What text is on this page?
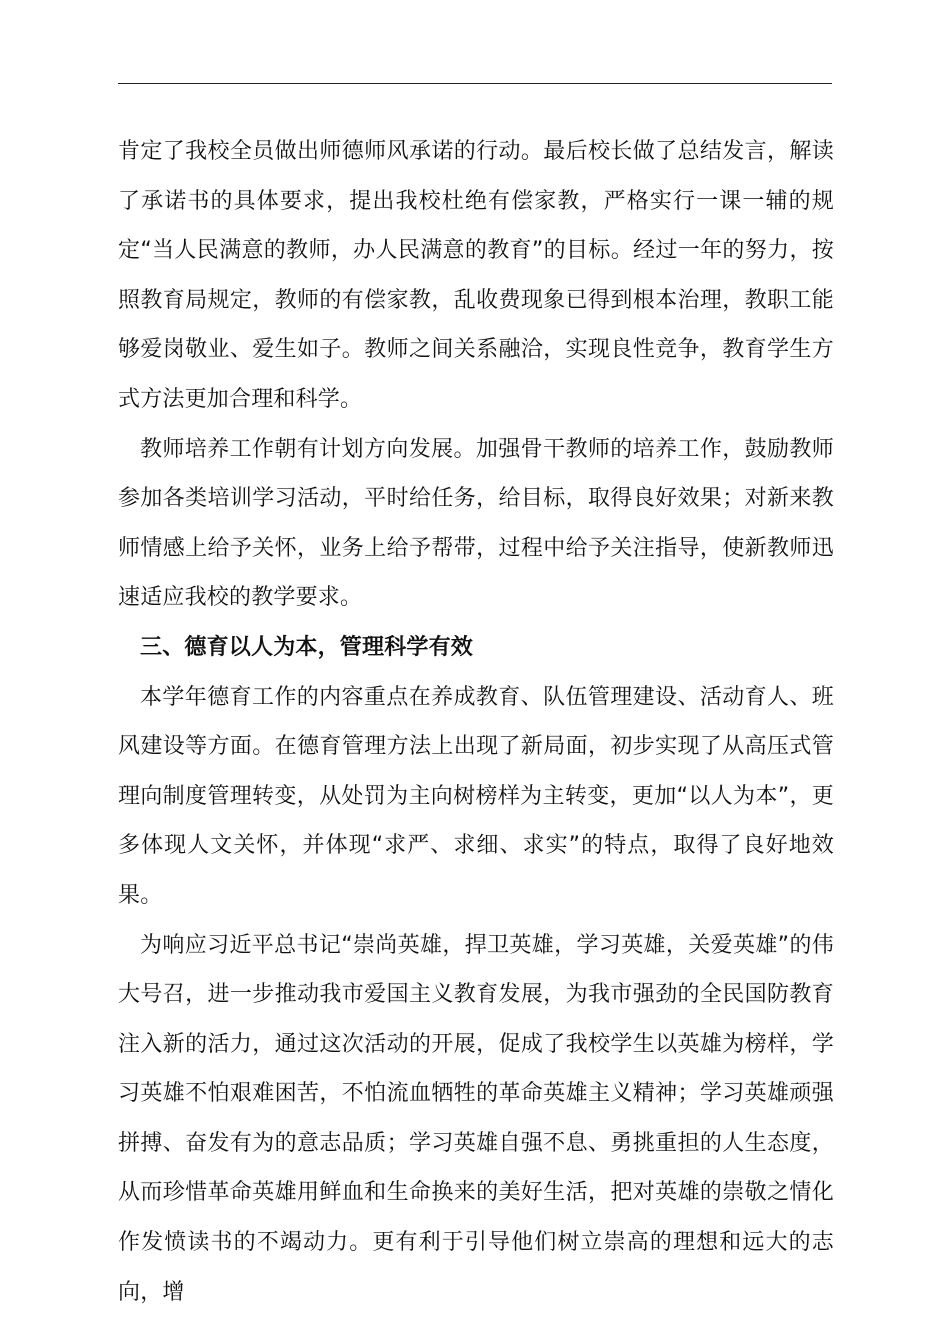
肯定了我校全员做出师德师风承诺的行动。最后校长做了总结发言，解读了承诺书的具体要求，提出我校杜绝有偿家教，严格实行一课一辅的规定“当人民满意的教师，办人民满意的教育”的目标。经过一年的努力，按照教育局规定，教师的有偿家教，乱收费现象已得到根本治理，教职工能够爱岗敬业、爱生如子。教师之间关系融洽，实现良性竞争，教育学生方式方法更加合理和科学。

教师培养工作朝有计划方向发展。加强骨干教师的培养工作，鼓励教师参加各类培训学习活动，平时给任务，给目标，取得良好效果；对新来教师情感上给予关怀，业务上给予帮带，过程中给予关注指导，使新教师迅速适应我校的教学要求。

三、德育以人为本，管理科学有效

本学年德育工作的内容重点在养成教育、队伍管理建设、活动育人、班风建设等方面。在德育管理方法上出现了新局面，初步实现了从高压式管理向制度管理转变，从处罚为主向树榜样为主转变，更加“以人为本”，更多体现人文关怀，并体现“求严、求细、求实”的特点，取得了良好地效果。

为响应习近平总书记“崇尚英雄，捍卫英雄，学习英雄，关爱英雄”的伟大号召，进一步推动我市爱国主义教育发展，为我市强劲的全民国防教育注入新的活力，通过这次活动的开展，促成了我校学生以英雄为榜样，学习英雄不怕艰难困苦，不怕流血牺牲的革命英雄主义精神；学习英雄顽强拼搏、奋发有为的意志品质；学习英雄自强不息、勇挑重担的人生态度，从而珍惜革命英雄用鲜血和生命换来的美好生活，把对英雄的崇敬之情化作发愤读书的不竭动力。更有利于引导他们树立崇高的理想和远大的志向，增
